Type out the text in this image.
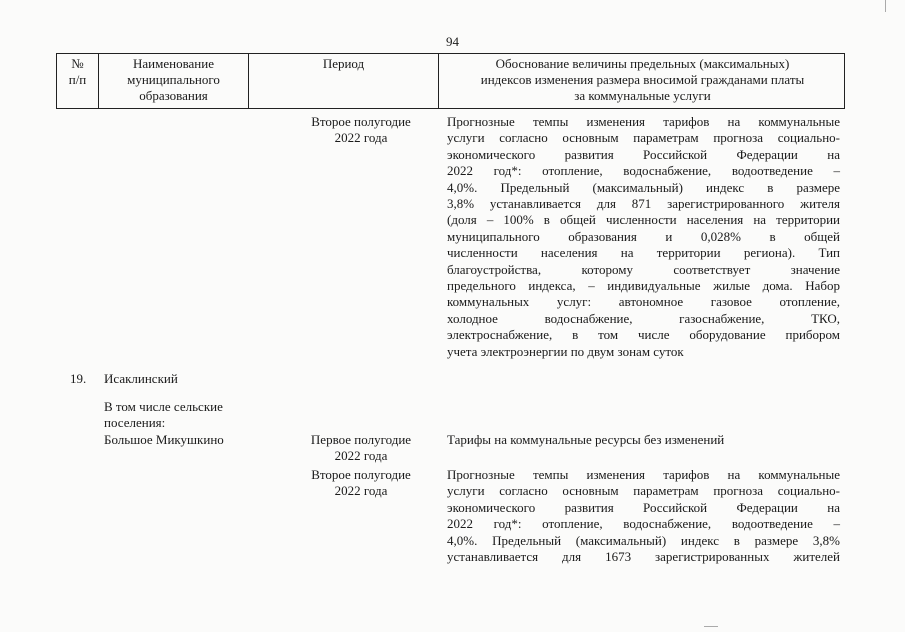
94
№
п/п
Наименование
муниципального
образования
Период	Обоснование величины предельных (максимальных)
индексов изменения размера вносимой гражданами платы
за коммунальные услуги
Второе полугодие
2022 года
Прогнозные темпы изменения тарифов на коммунальные
услуги согласно основным параметрам прогноза социально-
экономического развития Российской Федерации на
2022 год*: отопление, водоснабжение, водоотведение –
4,0%. Предельный (максимальный) индекс в размере
3,8% устанавливается для 871 зарегистрированного жителя
(доля – 100% в общей численности населения на территории
муниципального образования и 0,028% в общей
численности населения на территории региона). Тип
благоустройства, которому соответствует значение
предельного индекса, – индивидуальные жилые дома. Набор
коммунальных услуг: автономное газовое отопление,
холодное водоснабжение, газоснабжение, ТКО,
электроснабжение, в том числе оборудование прибором
учета электроэнергии по двум зонам суток
19. Исаклинский
В том числе сельские
поселения:
Большое Микушкино	Первое полугодие
2022 года
Тарифы на коммунальные ресурсы без изменений
Второе полугодие
2022 года
Прогнозные темпы изменения тарифов на коммунальные
услуги согласно основным параметрам прогноза социально-
экономического развития Российской Федерации на
2022 год*: отопление, водоснабжение, водоотведение –
4,0%. Предельный (максимальный) индекс в размере 3,8%
устанавливается для 1673 зарегистрированных жителей
